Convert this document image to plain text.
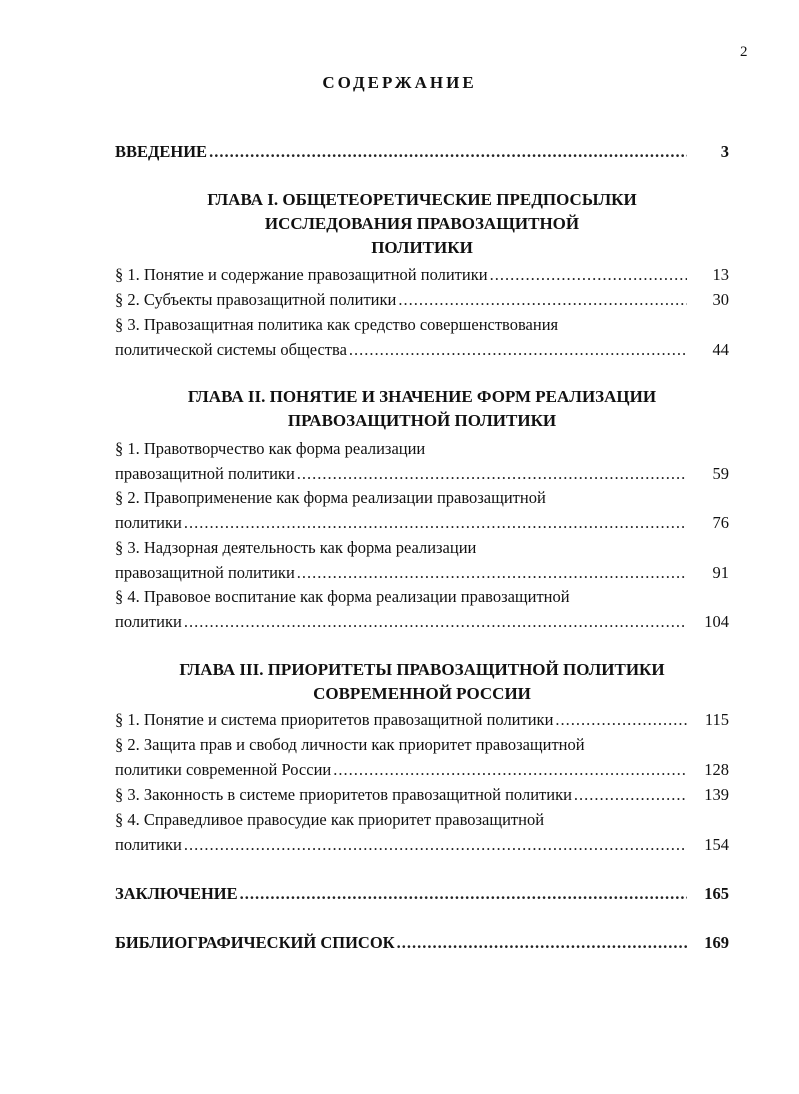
2
СОДЕРЖАНИЕ
ВВЕДЕНИЕ .....	3
ГЛАВА I. ОБЩЕТЕОРЕТИЧЕСКИЕ ПРЕДПОСЫЛКИ
ИССЛЕДОВАНИЯ ПРАВОЗАЩИТНОЙ
ПОЛИТИКИ
§ 1. Понятие и содержание правозащитной политики .....	13
§ 2. Субъекты правозащитной политики .....	30
§ 3. Правозащитная политика как средство совершенствования
политической системы общества .....	44
ГЛАВА II. ПОНЯТИЕ И ЗНАЧЕНИЕ ФОРМ РЕАЛИЗАЦИИ
ПРАВОЗАЩИТНОЙ ПОЛИТИКИ
§ 1. Правотворчество как форма реализации
правозащитной политики .....	59
§ 2. Правоприменение как форма реализации правозащитной
политики .....	76
§ 3. Надзорная деятельность как форма реализации
правозащитной политики .....	91
§ 4. Правовое воспитание как форма реализации правозащитной
политики .....	104
ГЛАВА III. ПРИОРИТЕТЫ ПРАВОЗАЩИТНОЙ ПОЛИТИКИ
СОВРЕМЕННОЙ РОССИИ
§ 1. Понятие и система приоритетов правозащитной политики .....	115
§ 2. Защита прав и свобод личности как приоритет правозащитной
политики современной России .....	128
§ 3. Законность в системе приоритетов правозащитной политики .....	139
§ 4. Справедливое правосудие как приоритет правозащитной
политики .....	154
ЗАКЛЮЧЕНИЕ .....	165
БИБЛИОГРАФИЧЕСКИЙ СПИСОК .....	169
